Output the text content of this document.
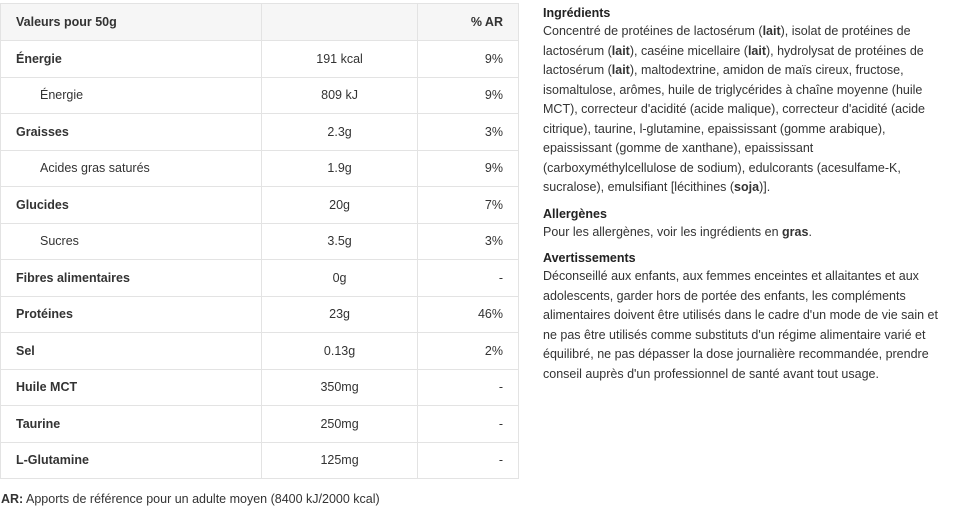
Valeurs pour 50g		% AR
Énergie	191 kcal	9%
Énergie	809 kJ	9%
Graisses	2.3g	3%
Acides gras saturés	1.9g	9%
Glucides	20g	7%
Sucres	3.5g	3%
Fibres alimentaires	0g	-
Protéines	23g	46%
Sel	0.13g	2%
Huile MCT	350mg	-
Taurine	250mg	-
L-Glutamine	125mg	-
AR: Apports de référence pour un adulte moyen (8400 kJ/2000 kcal)
Ingrédients

Concentré de protéines de lactosérum (lait), isolat de protéines de lactosérum (lait), caséine micellaire (lait), hydrolysat de protéines de lactosérum (lait), maltodextrine, amidon de maïs cireux, fructose, isomaltulose, arômes, huile de triglycérides à chaîne moyenne (huile MCT), correcteur d'acidité (acide malique), correcteur d'acidité (acide citrique), taurine, l-glutamine, epaississant (gomme arabique), epaississant (gomme de xanthane), epaississant (carboxyméthylcellulose de sodium), edulcorants (acesulfame-K, sucralose), emulsifiant [lécithines (soja)].

Allergènes

Pour les allergènes, voir les ingrédients en gras.

Avertissements

Déconseillé aux enfants, aux femmes enceintes et allaitantes et aux adolescents, garder hors de portée des enfants, les compléments alimentaires doivent être utilisés dans le cadre d'un mode de vie sain et ne pas être utilisés comme substituts d'un régime alimentaire varié et équilibré, ne pas dépasser la dose journalière recommandée, prendre conseil auprès d'un professionnel de santé avant tout usage.
